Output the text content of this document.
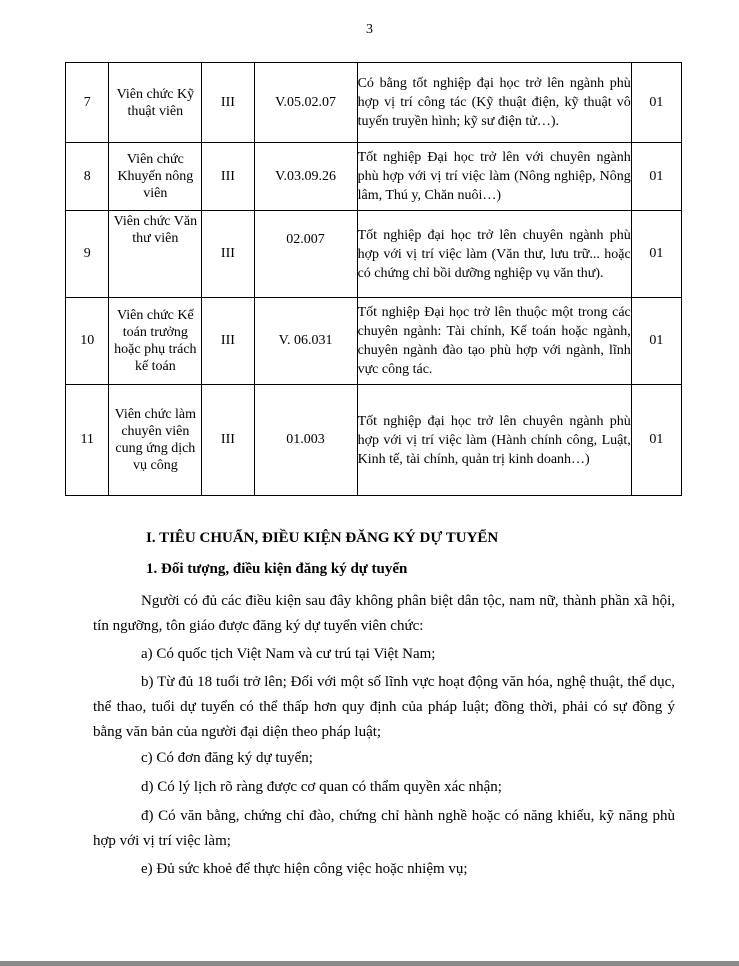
3
7	Viên chức Kỹ thuật viên	III	V.05.02.07	Có bằng tốt nghiệp đại học trở lên ngành phù hợp vị trí công tác (Kỹ thuật điện, kỹ thuật vô tuyến truyền hình; kỹ sư điện tử…).	01
8	Viên chức Khuyến nông viên	III	V.03.09.26	Tốt nghiệp Đại học trở lên với chuyên ngành phù hợp với vị trí việc làm (Nông nghiệp, Nông lâm, Thú y, Chăn nuôi…)	01
9	Viên chức Văn thư viên	III	02.007	Tốt nghiệp đại học trở lên chuyên ngành phù hợp với vị trí việc làm (Văn thư, lưu trữ... hoặc có chứng chỉ bồi dưỡng nghiệp vụ văn thư).	01
10	Viên chức Kế toán trưởng hoặc phụ trách kế toán	III	V. 06.031	Tốt nghiệp Đại học trở lên thuộc một trong các chuyên ngành: Tài chính, Kế toán hoặc ngành, chuyên ngành đào tạo phù hợp với ngành, lĩnh vực công tác.	01
11	Viên chức làm chuyên viên cung ứng dịch vụ công	III	01.003	Tốt nghiệp đại học trở lên chuyên ngành phù hợp với vị trí việc làm (Hành chính công, Luật, Kinh tế, tài chính, quản trị kinh doanh…)	01
I. TIÊU CHUẨN, ĐIỀU KIỆN ĐĂNG KÝ DỰ TUYỂN
1. Đối tượng, điều kiện đăng ký dự tuyển
Người có đủ các điều kiện sau đây không phân biệt dân tộc, nam nữ, thành phần xã hội, tín ngưỡng, tôn giáo được đăng ký dự tuyển viên chức:
a) Có quốc tịch Việt Nam và cư trú tại Việt Nam;
b) Từ đủ 18 tuổi trở lên; Đối với một số lĩnh vực hoạt động văn hóa, nghệ thuật, thể dục, thể thao, tuổi dự tuyển có thể thấp hơn quy định của pháp luật; đồng thời, phải có sự đồng ý bằng văn bản của người đại diện theo pháp luật;
c) Có đơn đăng ký dự tuyển;
d) Có lý lịch rõ ràng được cơ quan có thẩm quyền xác nhận;
đ) Có văn bằng, chứng chỉ đào, chứng chỉ hành nghề hoặc có năng khiếu, kỹ năng phù hợp với vị trí việc làm;
e) Đủ sức khoẻ để thực hiện công việc hoặc nhiệm vụ;
